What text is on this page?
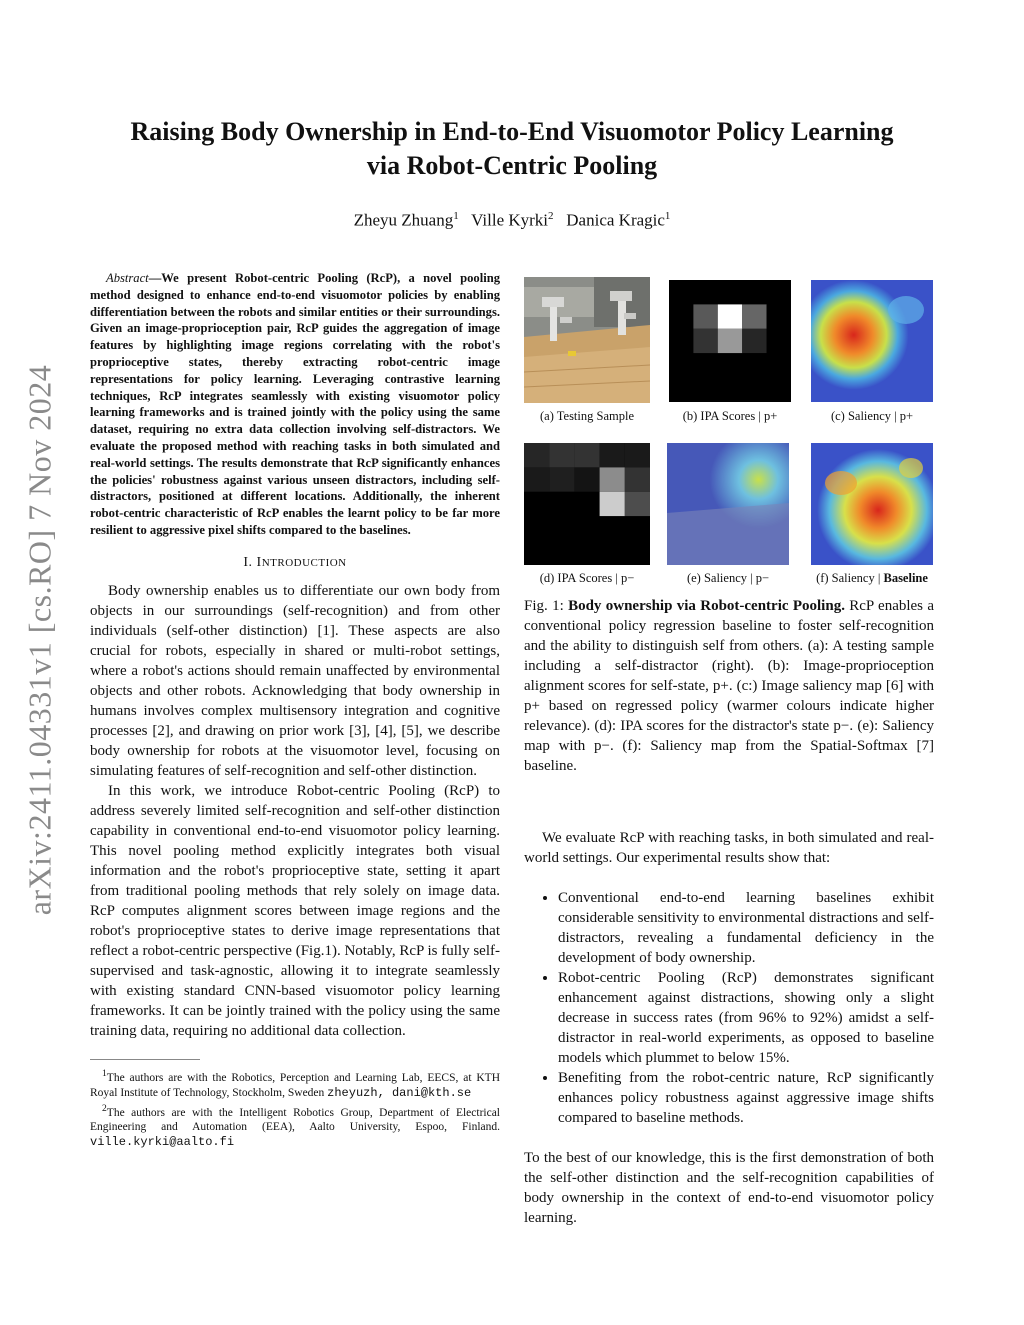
arXiv:2411.04331v1 [cs.RO] 7 Nov 2024
Raising Body Ownership in End-to-End Visuomotor Policy Learning
via Robot-Centric Pooling
Zheyu Zhuang$^1$ Ville Kyrki$^2$ Danica Kragic$^1$
Abstract—We present Robot-centric Pooling (RcP), a novel pooling method designed to enhance end-to-end visuomotor policies by enabling differentiation between the robots and similar entities or their surroundings. Given an image-proprioception pair, RcP guides the aggregation of image features by highlighting image regions correlating with the robot's proprioceptive states, thereby extracting robot-centric image representations for policy learning. Leveraging contrastive learning techniques, RcP integrates seamlessly with existing visuomotor policy learning frameworks and is trained jointly with the policy using the same dataset, requiring no extra data collection involving self-distractors. We evaluate the proposed method with reaching tasks in both simulated and real-world settings. The results demonstrate that RcP significantly enhances the policies' robustness against various unseen distractors, including self-distractors, positioned at different locations. Additionally, the inherent robot-centric characteristic of RcP enables the learnt policy to be far more resilient to aggressive pixel shifts compared to the baselines.
I. INTRODUCTION

Body ownership enables us to differentiate our own body from objects in our surroundings (self-recognition) and from other individuals (self-other distinction) [1]. These aspects are also crucial for robots, especially in shared or multi-robot settings, where a robot's actions should remain unaffected by environmental objects and other robots. Acknowledging that body ownership in humans involves complex multisensory integration and cognitive processes [2], and drawing on prior work [3], [4], [5], we describe body ownership for robots at the visuomotor level, focusing on simulating features of self-recognition and self-other distinction.

In this work, we introduce Robot-centric Pooling (RcP) to address severely limited self-recognition and self-other distinction capability in conventional end-to-end visuomotor policy learning. This novel pooling method explicitly integrates both visual information and the robot's proprioceptive state, setting it apart from traditional pooling methods that rely solely on image data. RcP computes alignment scores between image regions and the robot's proprioceptive states to derive image representations that reflect a robot-centric perspective (Fig.1). Notably, RcP is fully self-supervised and task-agnostic, allowing it to integrate seamlessly with existing standard CNN-based visuomotor policy learning frameworks. It can be jointly trained with the policy using the same training data, requiring no additional data collection.

$^1$The authors are with the Robotics, Perception and Learning Lab, EECS, at KTH Royal Institute of Technology, Stockholm, Sweden zheyuzh, dani@kth.se
$^2$The authors are with the Intelligent Robotics Group, Department of Electrical Engineering and Automation (EEA), Aalto University, Espoo, Finland. ville.kyrki@aalto.fi
(a) Testing Sample	(b) IPA Scores | p+	(c) Saliency | p+
(d) IPA Scores | p−	(e) Saliency | p−	(f) Saliency | Baseline
Fig. 1: Body ownership via Robot-centric Pooling. RcP enables a conventional policy regression baseline to foster self-recognition and the ability to distinguish self from others. (a): A testing sample including a self-distractor (right). (b): Image-proprioception alignment scores for self-state, p+. (c:) Image saliency map [6] with p+ based on regressed policy (warmer colours indicate higher relevance). (d): IPA scores for the distractor's state p−. (e): Saliency map with p−. (f): Saliency map from the Spatial-Softmax [7] baseline.

We evaluate RcP with reaching tasks, in both simulated and real-world settings. Our experimental results show that:

• Conventional end-to-end learning baselines exhibit considerable sensitivity to environmental distractions and self-distractors, revealing a fundamental deficiency in the development of body ownership.
• Robot-centric Pooling (RcP) demonstrates significant enhancement against distractions, showing only a slight decrease in success rates (from 96% to 92%) amidst a self-distractor in real-world experiments, as opposed to baseline models which plummet to below 15%.
• Benefiting from the robot-centric nature, RcP significantly enhances policy robustness against aggressive image shifts compared to baseline methods.

To the best of our knowledge, this is the first demonstration of both the self-other distinction and the self-recognition capabilities of body ownership in the context of end-to-end visuomotor policy learning.
